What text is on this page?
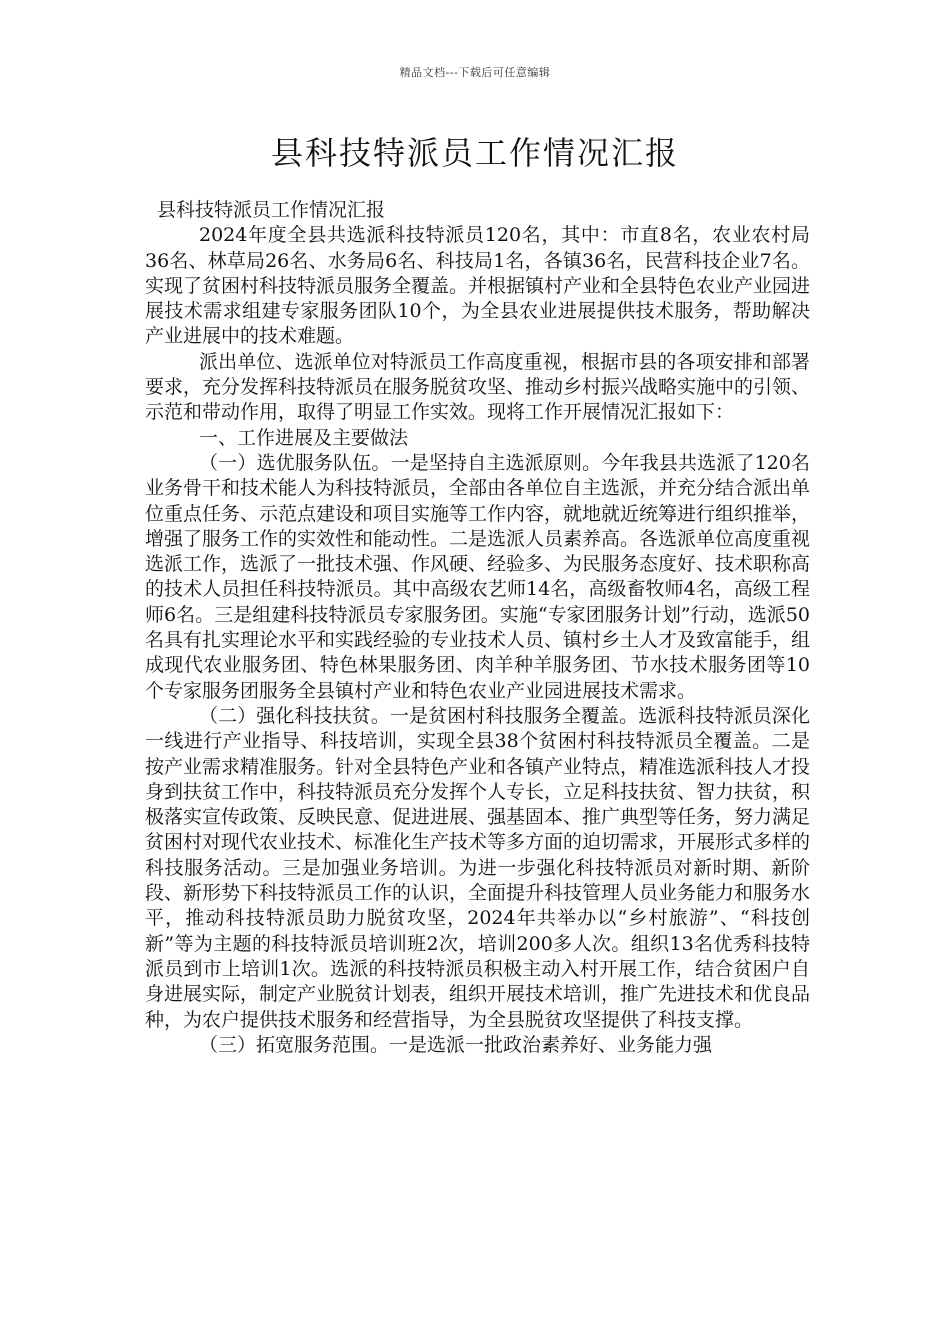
精品文档---下载后可任意编辑
县科技特派员工作情况汇报

县科技特派员工作情况汇报

2024年度全县共选派科技特派员120名，其中：市直8名，农业农村局36名、林草局26名、水务局6名、科技局1名，各镇36名，民营科技企业7名。实现了贫困村科技特派员服务全覆盖。并根据镇村产业和全县特色农业产业园进展技术需求组建专家服务团队10个，为全县农业进展提供技术服务，帮助解决产业进展中的技术难题。

派出单位、选派单位对特派员工作高度重视，根据市县的各项安排和部署要求，充分发挥科技特派员在服务脱贫攻坚、推动乡村振兴战略实施中的引领、示范和带动作用，取得了明显工作实效。现将工作开展情况汇报如下：

一、工作进展及主要做法

（一）选优服务队伍。一是坚持自主选派原则。今年我县共选派了120名业务骨干和技术能人为科技特派员，全部由各单位自主选派，并充分结合派出单位重点任务、示范点建设和项目实施等工作内容，就地就近统筹进行组织推举，增强了服务工作的实效性和能动性。二是选派人员素养高。各选派单位高度重视选派工作，选派了一批技术强、作风硬、经验多、为民服务态度好、技术职称高的技术人员担任科技特派员。其中高级农艺师14名，高级畜牧师4名，高级工程师6名。三是组建科技特派员专家服务团。实施“专家团服务计划”行动，选派50名具有扎实理论水平和实践经验的专业技术人员、镇村乡土人才及致富能手，组成现代农业服务团、特色林果服务团、肉羊种羊服务团、节水技术服务团等10个专家服务团服务全县镇村产业和特色农业产业园进展技术需求。

（二）强化科技扶贫。一是贫困村科技服务全覆盖。选派科技特派员深化一线进行产业指导、科技培训，实现全县38个贫困村科技特派员全覆盖。二是按产业需求精准服务。针对全县特色产业和各镇产业特点，精准选派科技人才投身到扶贫工作中，科技特派员充分发挥个人专长，立足科技扶贫、智力扶贫，积极落实宣传政策、反映民意、促进进展、强基固本、推广典型等任务，努力满足贫困村对现代农业技术、标准化生产技术等多方面的迫切需求，开展形式多样的科技服务活动。三是加强业务培训。为进一步强化科技特派员对新时期、新阶段、新形势下科技特派员工作的认识，全面提升科技管理人员业务能力和服务水平，推动科技特派员助力脱贫攻坚，2024年共举办以“乡村旅游”、“科技创新”等为主题的科技特派员培训班2次，培训200多人次。组织13名优秀科技特派员到市上培训1次。选派的科技特派员积极主动入村开展工作，结合贫困户自身进展实际，制定产业脱贫计划表，组织开展技术培训，推广先进技术和优良品种，为农户提供技术服务和经营指导，为全县脱贫攻坚提供了科技支撑。

（三）拓宽服务范围。一是选派一批政治素养好、业务能力强
